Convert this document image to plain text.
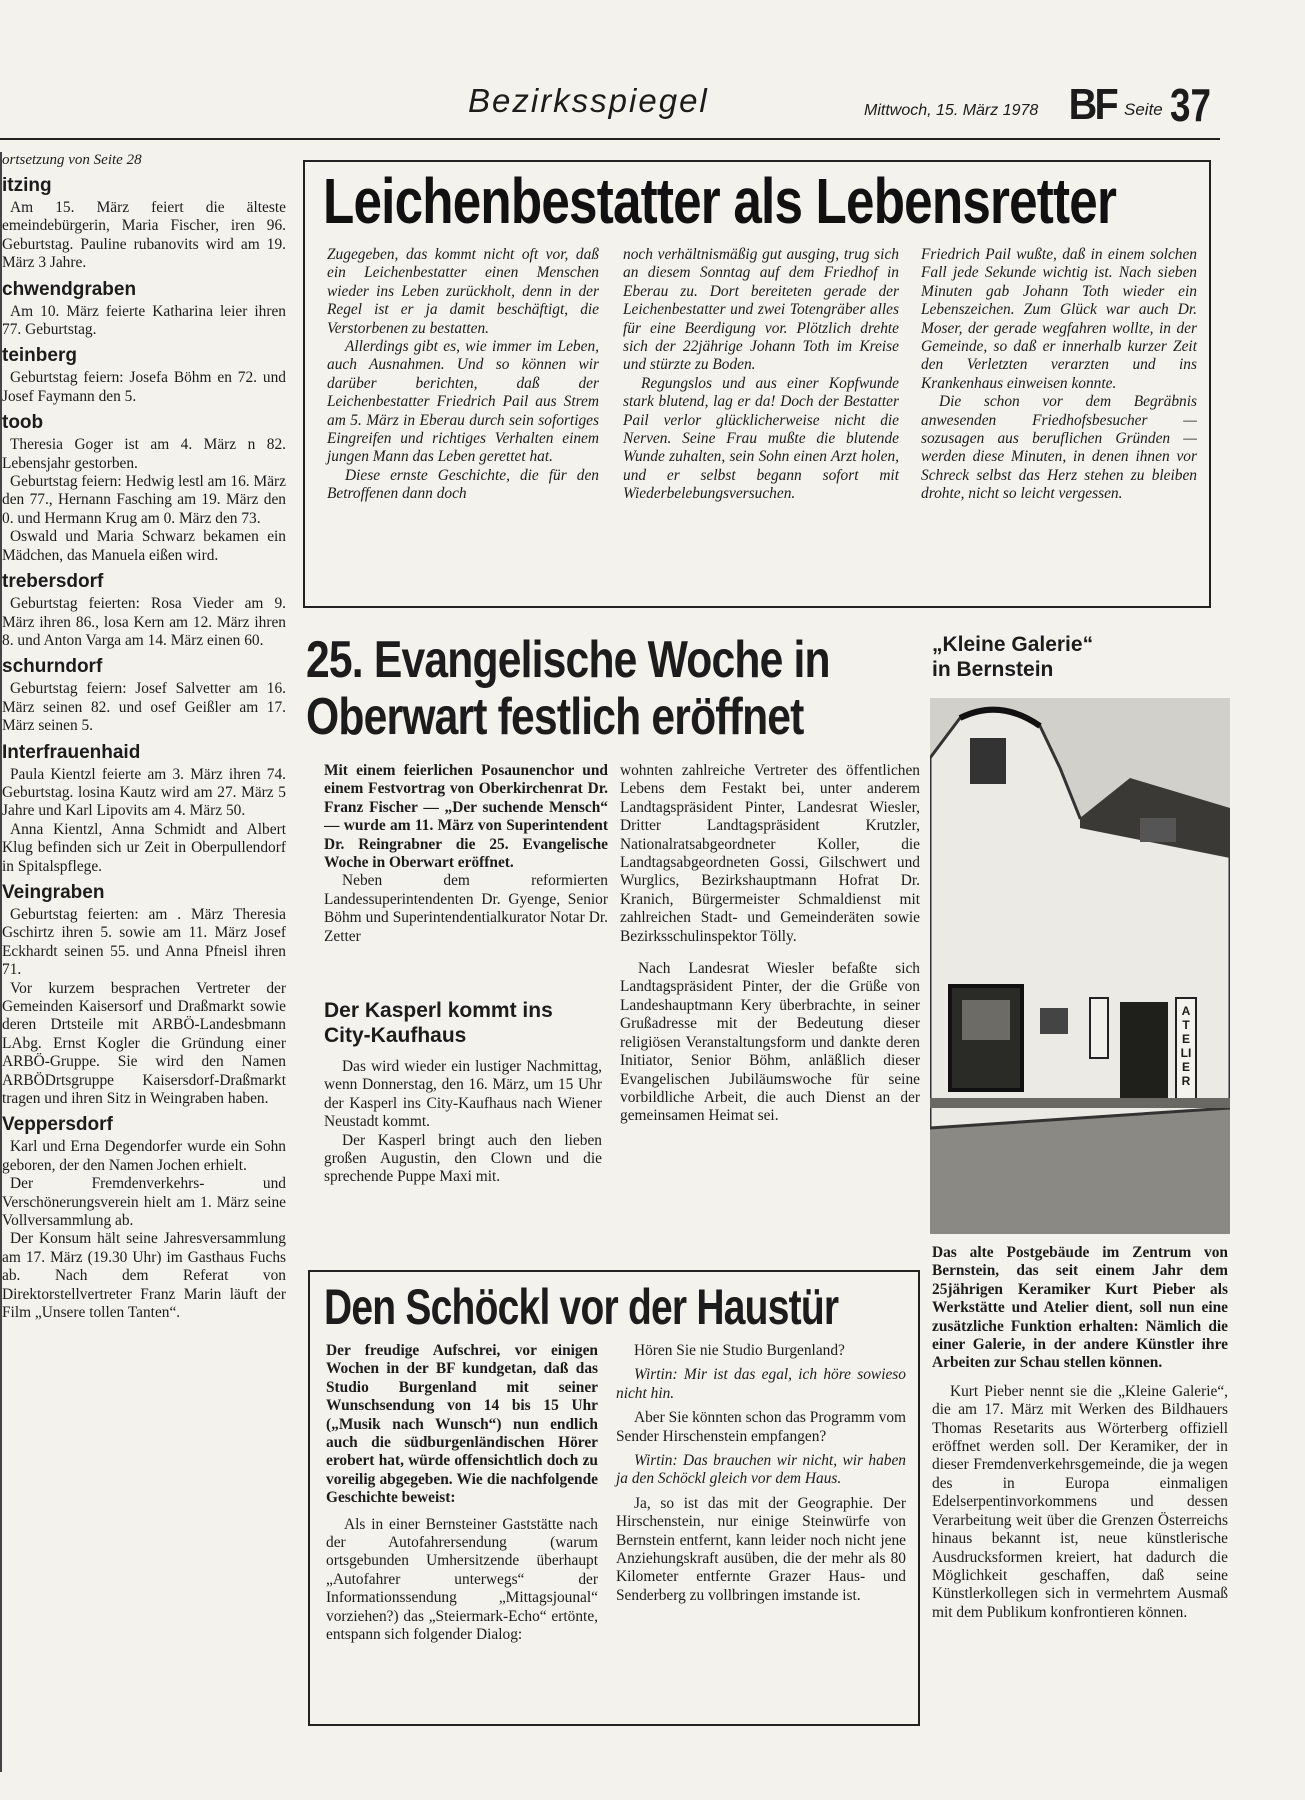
Bezirksspiegel	Mittwoch, 15. März 1978 BF Seite 37
ortsetzung von Seite 28
itzing

Am 15. März feiert die älteste emeindebürgerin, Maria Fischer, iren 96. Geburtstag. Pauline rubanovits wird am 19. März 3 Jahre.

chwendgraben

Am 10. März feierte Katharina leier ihren 77. Geburtstag.

teinberg

Geburtstag feiern: Josefa Böhm en 72. und Josef Faymann den 5.

toob

Theresia Goger ist am 4. März n 82. Lebensjahr gestorben.

Geburtstag feiern: Hedwig lestl am 16. März den 77., Hernann Fasching am 19. März den 0. und Hermann Krug am 0. März den 73.

Oswald und Maria Schwarz bekamen ein Mädchen, das Manuela eißen wird.

trebersdorf

Geburtstag feierten: Rosa Vieder am 9. März ihren 86., losa Kern am 12. März ihren 8. und Anton Varga am 14. März einen 60.

schurndorf

Geburtstag feiern: Josef Salvetter am 16. März seinen 82. und osef Geißler am 17. März seinen 5.

Interfrauenhaid

Paula Kientzl feierte am 3. März ihren 74. Geburtstag. losina Kautz wird am 27. März 5 Jahre und Karl Lipovits am 4. März 50.

Anna Kientzl, Anna Schmidt and Albert Klug befinden sich ur Zeit in Oberpullendorf in Spitalspflege.

Veingraben

Geburtstag feierten: am . März Theresia Gschirtz ihren 5. sowie am 11. März Josef Eckhardt seinen 55. und Anna Pfneisl ihren 71.

Vor kurzem besprachen Vertreter der Gemeinden Kaisersorf und Draßmarkt sowie deren Drtsteile mit ARBÖ-Landesbmann LAbg. Ernst Kogler die Gründung einer ARBÖ-Gruppe. Sie wird den Namen ARBÖDrtsgruppe Kaisersdorf-Draßmarkt tragen und ihren Sitz in Weingraben haben.

Veppersdorf

Karl und Erna Degendorfer wurde ein Sohn geboren, der den Namen Jochen erhielt.

Der Fremdenverkehrs- und Verschönerungsverein hielt am 1. März seine Vollversammlung ab.

Der Konsum hält seine Jahresversammlung am 17. März (19.30 Uhr) im Gasthaus Fuchs ab. Nach dem Referat von Direktorstellvertreter Franz Marin läuft der Film „Unsere tollen Tanten“.

Leichenbestatter als Lebensretter

Zugegeben, das kommt nicht oft vor, daß ein Leichenbestatter einen Menschen wieder ins Leben zurückholt, denn in der Regel ist er ja damit beschäftigt, die Verstorbenen zu bestatten.

Allerdings gibt es, wie immer im Leben, auch Ausnahmen. Und so können wir darüber berichten, daß der Leichenbestatter Friedrich Pail aus Strem am 5. März in Eberau durch sein sofortiges Eingreifen und richtiges Verhalten einem jungen Mann das Leben gerettet hat.

Diese ernste Geschichte, die für den Betroffenen dann doch

noch verhältnismäßig gut ausging, trug sich an diesem Sonntag auf dem Friedhof in Eberau zu. Dort bereiteten gerade der Leichenbestatter und zwei Totengräber alles für eine Beerdigung vor. Plötzlich drehte sich der 22jährige Johann Toth im Kreise und stürzte zu Boden.

Regungslos und aus einer Kopfwunde stark blutend, lag er da! Doch der Bestatter Pail verlor glücklicherweise nicht die Nerven. Seine Frau mußte die blutende Wunde zuhalten, sein Sohn einen Arzt holen, und er selbst begann sofort mit Wiederbelebungsversuchen.

Friedrich Pail wußte, daß in einem solchen Fall jede Sekunde wichtig ist. Nach sieben Minuten gab Johann Toth wieder ein Lebenszeichen. Zum Glück war auch Dr. Moser, der gerade wegfahren wollte, in der Gemeinde, so daß er innerhalb kurzer Zeit den Verletzten verarzten und ins Krankenhaus einweisen konnte.

Die schon vor dem Begräbnis anwesenden Friedhofsbesucher — sozusagen aus beruflichen Gründen — werden diese Minuten, in denen ihnen vor Schreck selbst das Herz stehen zu bleiben drohte, nicht so leicht vergessen.

25. Evangelische Woche in
Oberwart festlich eröffnet

Mit einem feierlichen Posaunenchor und einem Festvortrag von Oberkirchenrat Dr. Franz Fischer — „Der suchende Mensch“ — wurde am 11. März von Superintendent Dr. Reingrabner die 25. Evangelische Woche in Oberwart eröffnet.

Neben dem reformierten Landessuperintendenten Dr. Gyenge, Senior Böhm und Superintendentialkurator Notar Dr. Zetter

wohnten zahlreiche Vertreter des öffentlichen Lebens dem Festakt bei, unter anderem Landtagspräsident Pinter, Landesrat Wiesler, Dritter Landtagspräsident Krutzler, Nationalratsabgeordneter Koller, die Landtagsabgeordneten Gossi, Gilschwert und Wurglics, Bezirkshauptmann Hofrat Dr. Kranich, Bürgermeister Schmaldienst mit zahlreichen Stadt- und Gemeinderäten sowie Bezirksschulinspektor Tölly.

Nach Landesrat Wiesler befaßte sich Landtagspräsident Pinter, der die Grüße von Landeshauptmann Kery überbrachte, in seiner Grußadresse mit der Bedeutung dieser religiösen Veranstaltungsform und dankte deren Initiator, Senior Böhm, anläßlich dieser Evangelischen Jubiläumswoche für seine vorbildliche Arbeit, die auch Dienst an der gemeinsamen Heimat sei.

Der Kasperl kommt ins City-Kaufhaus

Das wird wieder ein lustiger Nachmittag, wenn Donnerstag, den 16. März, um 15 Uhr der Kasperl ins City-Kaufhaus nach Wiener Neustadt kommt.

Der Kasperl bringt auch den lieben großen Augustin, den Clown und die sprechende Puppe Maxi mit.

„Kleine Galerie“
in Bernstein
ATELIER

Das alte Postgebäude im Zentrum von Bernstein, das seit einem Jahr dem 25jährigen Keramiker Kurt Pieber als Werkstätte und Atelier dient, soll nun eine zusätzliche Funktion erhalten: Nämlich die einer Galerie, in der andere Künstler ihre Arbeiten zur Schau stellen können.

Kurt Pieber nennt sie die „Kleine Galerie“, die am 17. März mit Werken des Bildhauers Thomas Resetarits aus Wörterberg offiziell eröffnet werden soll. Der Keramiker, der in dieser Fremdenverkehrsgemeinde, die ja wegen des in Europa einmaligen Edelserpentinvorkommens und dessen Verarbeitung weit über die Grenzen Österreichs hinaus bekannt ist, neue künstlerische Ausdrucksformen kreiert, hat dadurch die Möglichkeit geschaffen, daß seine Künstlerkollegen sich in vermehrtem Ausmaß mit dem Publikum konfrontieren können.

Den Schöckl vor der Haustür

Der freudige Aufschrei, vor einigen Wochen in der BF kundgetan, daß das Studio Burgenland mit seiner Wunschsendung von 14 bis 15 Uhr („Musik nach Wunsch“) nun endlich auch die südburgenländischen Hörer erobert hat, würde offensichtlich doch zu voreilig abgegeben. Wie die nachfolgende Geschichte beweist:

Als in einer Bernsteiner Gaststätte nach der Autofahrersendung (warum ortsgebunden Umhersitzende überhaupt „Autofahrer unterwegs“ der Informationssendung „Mittagsjounal“ vorziehen?) das „Steiermark-Echo“ ertönte, entspann sich folgender Dialog:

Hören Sie nie Studio Burgenland?

Wirtin: Mir ist das egal, ich höre sowieso nicht hin.

Aber Sie könnten schon das Programm vom Sender Hirschenstein empfangen?

Wirtin: Das brauchen wir nicht, wir haben ja den Schöckl gleich vor dem Haus.

Ja, so ist das mit der Geographie. Der Hirschenstein, nur einige Steinwürfe von Bernstein entfernt, kann leider noch nicht jene Anziehungskraft ausüben, die der mehr als 80 Kilometer entfernte Grazer Haus- und Senderberg zu vollbringen imstande ist.
